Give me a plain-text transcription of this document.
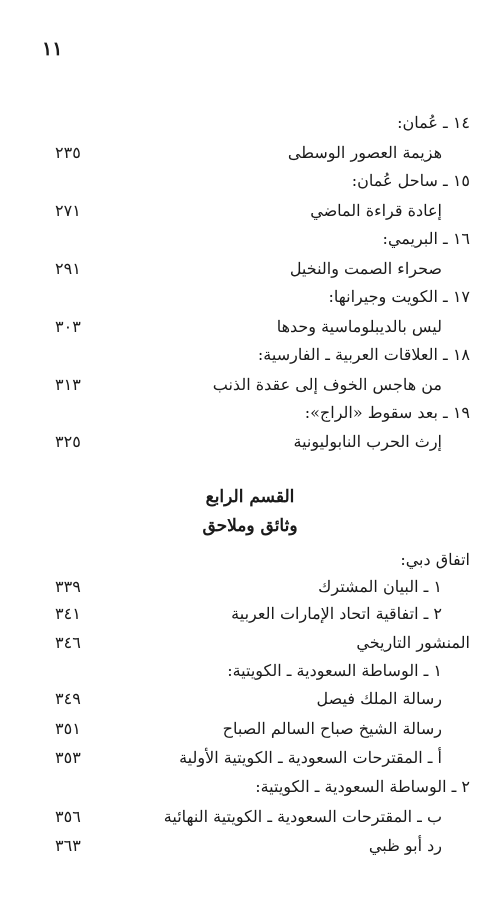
١١
١٤ ـ عُمان:
هزيمة العصور الوسطى
٢٣٥
١٥ ـ ساحل عُمان:
إعادة قراءة الماضي
٢٧١
١٦ ـ البريمي:
صحراء الصمت والنخيل
٢٩١
١٧ ـ الكويت وجيرانها:
ليس بالديبلوماسية وحدها
٣٠٣
١٨ ـ العلاقات العربية ـ الفارسية:
من هاجس الخوف إلى عقدة الذنب
٣١٣
١٩ ـ بعد سقوط «الراج»:
إرث الحرب النابوليونية
٣٢٥
القسم الرابع
وثائق وملاحق
اتفاق دبي:
١ ـ البيان المشترك
٣٣٩
٢ ـ اتفاقية اتحاد الإمارات العربية
٣٤١
المنشور التاريخي
٣٤٦
١ ـ الوساطة السعودية ـ الكويتية:
رسالة الملك فيصل
٣٤٩
رسالة الشيخ صباح السالم الصباح
٣٥١
أ ـ المقترحات السعودية ـ الكويتية الأولية
٣٥٣
٢ ـ الوساطة السعودية ـ الكويتية:
ب ـ المقترحات السعودية ـ الكويتية النهائية
٣٥٦
رد أبو ظبي
٣٦٣
